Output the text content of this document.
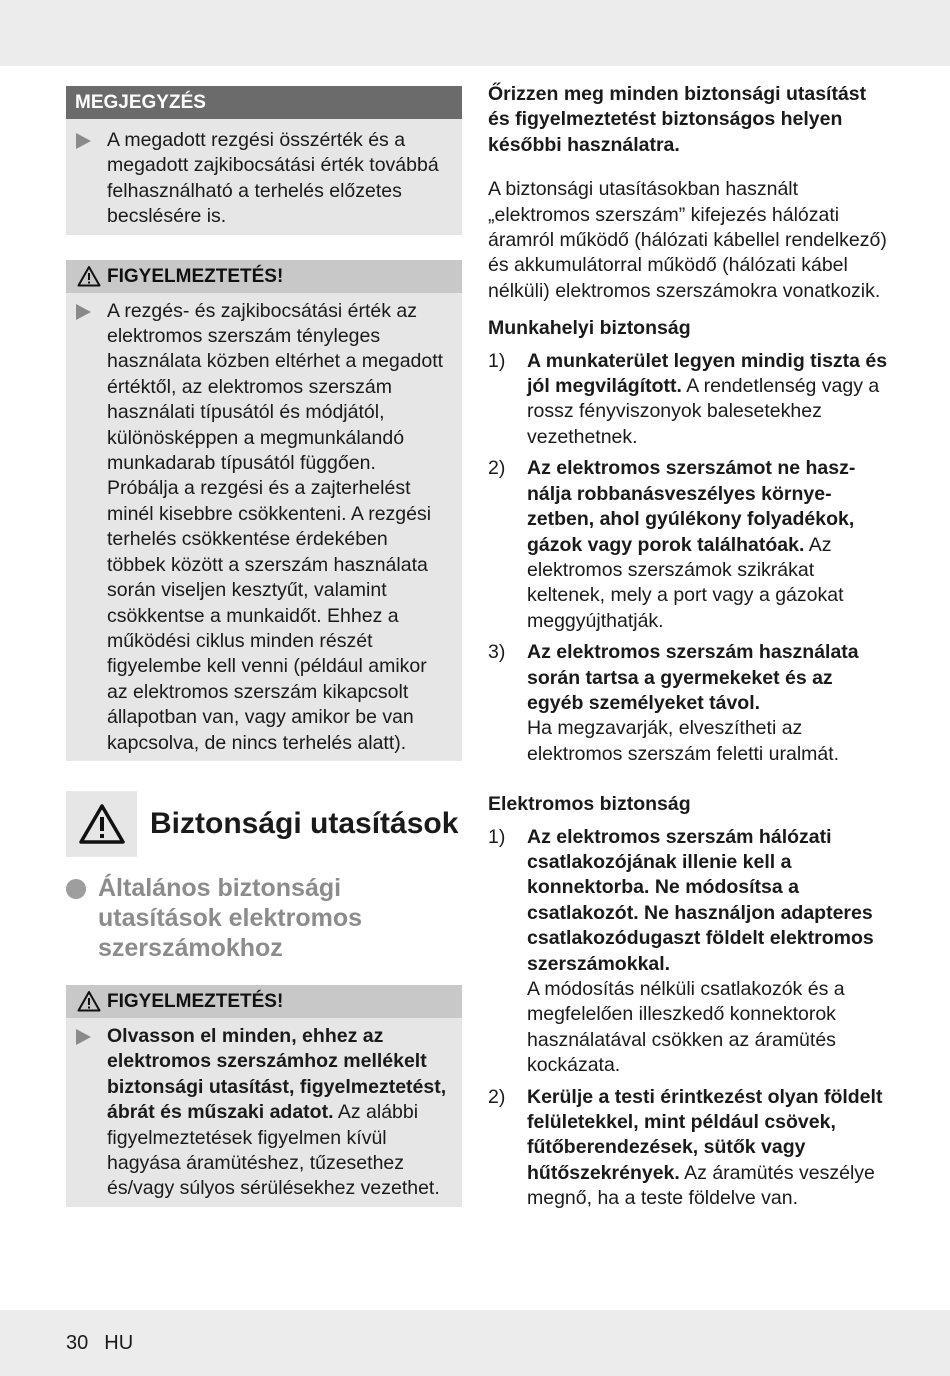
MEGJEGYZÉS

A megadott rezgési összérték és a megadott zajkibocsátási érték továbbá felhasználható a terhelés előzetes becslésére is.

FIGYELMEZTETÉS!

A rezgés- és zajkibocsátási érték az elektromos szerszám tényleges használata közben eltérhet a megadott értéktől, az elektromos szerszám használati típusától és módjától, különösképpen a megmunkálandó munkadarab típusától függően.

Próbálja a rezgési és a zajterhelést minél kisebbre csökkenteni. A rezgési terhelés csökkentése érdekében többek között a szerszám használata során viseljen kesztyűt, valamint csökkentse a munkaidőt. Ehhez a működési ciklus minden részét figyelembe kell venni (például amikor az elektromos szerszám kikapcsolt állapotban van, vagy amikor be van kapcsolva, de nincs terhelés alatt).

Biztonsági utasítások
Általános biztonsági utasítások elektromos szerszámokhoz
FIGYELMEZTETÉS!

Olvasson el minden, ehhez az elektromos szerszámhoz mellékelt biztonsági utasítást, figyelmeztetést, ábrát és műszaki adatot. Az alábbi figyelmeztetések figyelmen kívül hagyása áramütéshez, tűzesethez és/vagy súlyos sérülésekhez vezethet.

Őrizzen meg minden biztonsági utasítást és figyelmeztetést biztonságos helyen későbbi használatra.

A biztonsági utasításokban használt „elektromos szerszám” kifejezés hálózati áramról működő (hálózati kábellel rendelkező) és akkumulátorral működő (hálózati kábel nélküli) elektromos szerszámokra vonatkozik.

Munkahelyi biztonság

1)	A munkaterület legyen mindig tiszta és jól megvilágított. A rendetlenség vagy a rossz fényviszonyok balesetekhez vezethetnek.
2)	Az elektromos szerszámot ne használja robbanásveszélyes környezetben, ahol gyúlékony folyadékok, gázok vagy porok találhatóak. Az elektromos szerszámok szikrákat keltenek, mely a port vagy a gázokat meggyújthatják.
3)	Az elektromos szerszám használata során tartsa a gyermekeket és az egyéb személyeket távol.
Ha megzavarják, elveszítheti az elektromos szerszám feletti uralmát.

Elektromos biztonság

1)	Az elektromos szerszám hálózati csatlakozójának illenie kell a konnektorba. Ne módosítsa a csatlakozót. Ne használjon adapteres csatlakozódugaszt földelt elektromos szerszámokkal.
A módosítás nélküli csatlakozók és a megfelelően illeszkedő konnektorok használatával csökken az áramütés kockázata.
2)	Kerülje a testi érintkezést olyan földelt felületekkel, mint például csövek, fűtőberendezések, sütők vagy hűtőszekrények. Az áramütés veszélye megnő, ha a teste földelve van.
30 HU
